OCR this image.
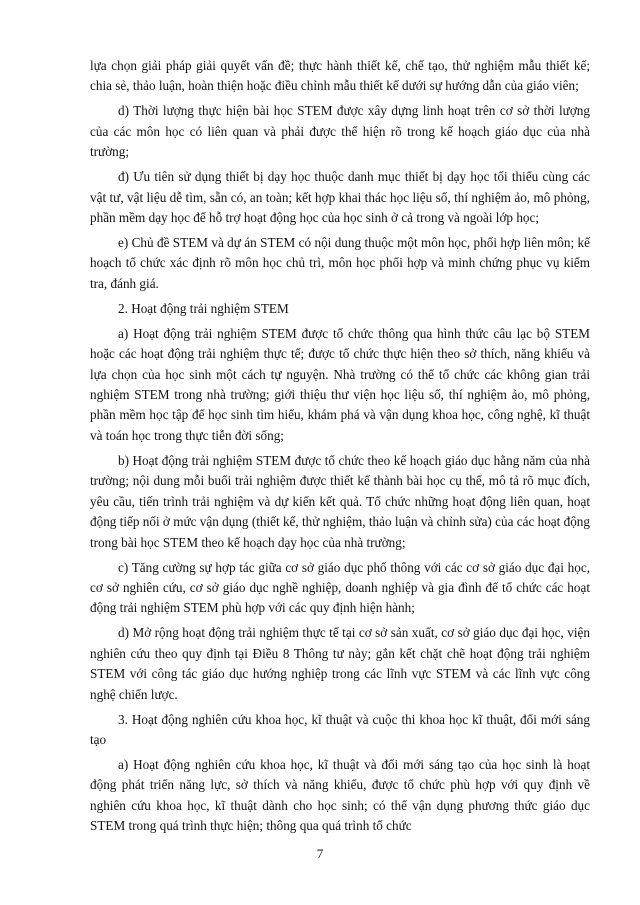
lựa chọn giải pháp giải quyết vấn đề; thực hành thiết kế, chế tạo, thử nghiệm mẫu thiết kế; chia sẻ, thảo luận, hoàn thiện hoặc điều chỉnh mẫu thiết kế dưới sự hướng dẫn của giáo viên;

d) Thời lượng thực hiện bài học STEM được xây dựng linh hoạt trên cơ sở thời lượng của các môn học có liên quan và phải được thể hiện rõ trong kế hoạch giáo dục của nhà trường;

đ) Ưu tiên sử dụng thiết bị dạy học thuộc danh mục thiết bị dạy học tối thiểu cùng các vật tư, vật liệu dễ tìm, sẵn có, an toàn; kết hợp khai thác học liệu số, thí nghiệm ảo, mô phỏng, phần mềm dạy học để hỗ trợ hoạt động học của học sinh ở cả trong và ngoài lớp học;

e) Chủ đề STEM và dự án STEM có nội dung thuộc một môn học, phối hợp liên môn; kế hoạch tổ chức xác định rõ môn học chủ trì, môn học phối hợp và minh chứng phục vụ kiểm tra, đánh giá.

2. Hoạt động trải nghiệm STEM

a) Hoạt động trải nghiệm STEM được tổ chức thông qua hình thức câu lạc bộ STEM hoặc các hoạt động trải nghiệm thực tế; được tổ chức thực hiện theo sở thích, năng khiếu và lựa chọn của học sinh một cách tự nguyện. Nhà trường có thể tổ chức các không gian trải nghiệm STEM trong nhà trường; giới thiệu thư viện học liệu số, thí nghiệm ảo, mô phỏng, phần mềm học tập để học sinh tìm hiểu, khám phá và vận dụng khoa học, công nghệ, kĩ thuật và toán học trong thực tiễn đời sống;

b) Hoạt động trải nghiệm STEM được tổ chức theo kế hoạch giáo dục hằng năm của nhà trường; nội dung mỗi buổi trải nghiệm được thiết kế thành bài học cụ thể, mô tả rõ mục đích, yêu cầu, tiến trình trải nghiệm và dự kiến kết quả. Tổ chức những hoạt động liên quan, hoạt động tiếp nối ở mức vận dụng (thiết kế, thử nghiệm, thảo luận và chỉnh sửa) của các hoạt động trong bài học STEM theo kế hoạch dạy học của nhà trường;

c) Tăng cường sự hợp tác giữa cơ sở giáo dục phổ thông với các cơ sở giáo dục đại học, cơ sở nghiên cứu, cơ sở giáo dục nghề nghiệp, doanh nghiệp và gia đình để tổ chức các hoạt động trải nghiệm STEM phù hợp với các quy định hiện hành;

d) Mở rộng hoạt động trải nghiệm thực tế tại cơ sở sản xuất, cơ sở giáo dục đại học, viện nghiên cứu theo quy định tại Điều 8 Thông tư này; gắn kết chặt chẽ hoạt động trải nghiệm STEM với công tác giáo dục hướng nghiệp trong các lĩnh vực STEM và các lĩnh vực công nghệ chiến lược.

3. Hoạt động nghiên cứu khoa học, kĩ thuật và cuộc thi khoa học kĩ thuật, đổi mới sáng tạo

a) Hoạt động nghiên cứu khoa học, kĩ thuật và đổi mới sáng tạo của học sinh là hoạt động phát triển năng lực, sở thích và năng khiếu, được tổ chức phù hợp với quy định về nghiên cứu khoa học, kĩ thuật dành cho học sinh; có thể vận dụng phương thức giáo dục STEM trong quá trình thực hiện; thông qua quá trình tổ chức

7
